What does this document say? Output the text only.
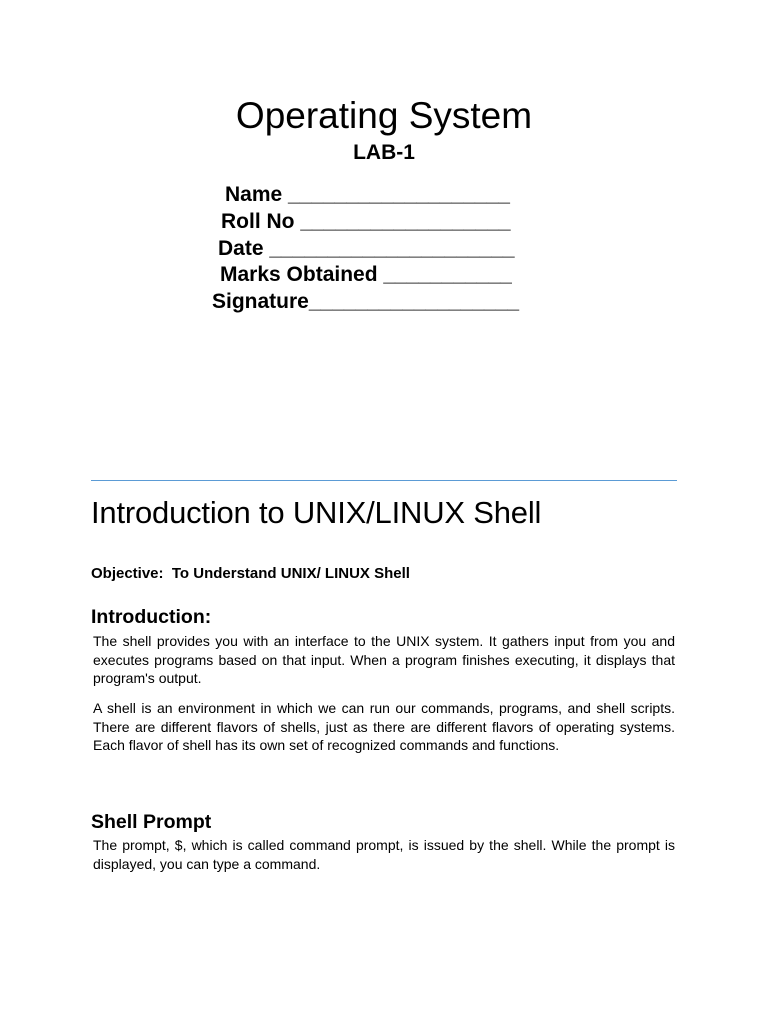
Operating System
LAB-1
Name ___________________
Roll No __________________
Date _____________________
Marks Obtained ___________
Signature__________________
Introduction to UNIX/LINUX Shell
Objective:  To Understand UNIX/ LINUX Shell
Introduction:

The shell provides you with an interface to the UNIX system. It gathers input from you and executes programs based on that input. When a program finishes executing, it displays that program's output.

A shell is an environment in which we can run our commands, programs, and shell scripts. There are different flavors of shells, just as there are different flavors of operating systems. Each flavor of shell has its own set of recognized commands and functions.

Shell Prompt

The prompt, $, which is called command prompt, is issued by the shell. While the prompt is displayed, you can type a command.
